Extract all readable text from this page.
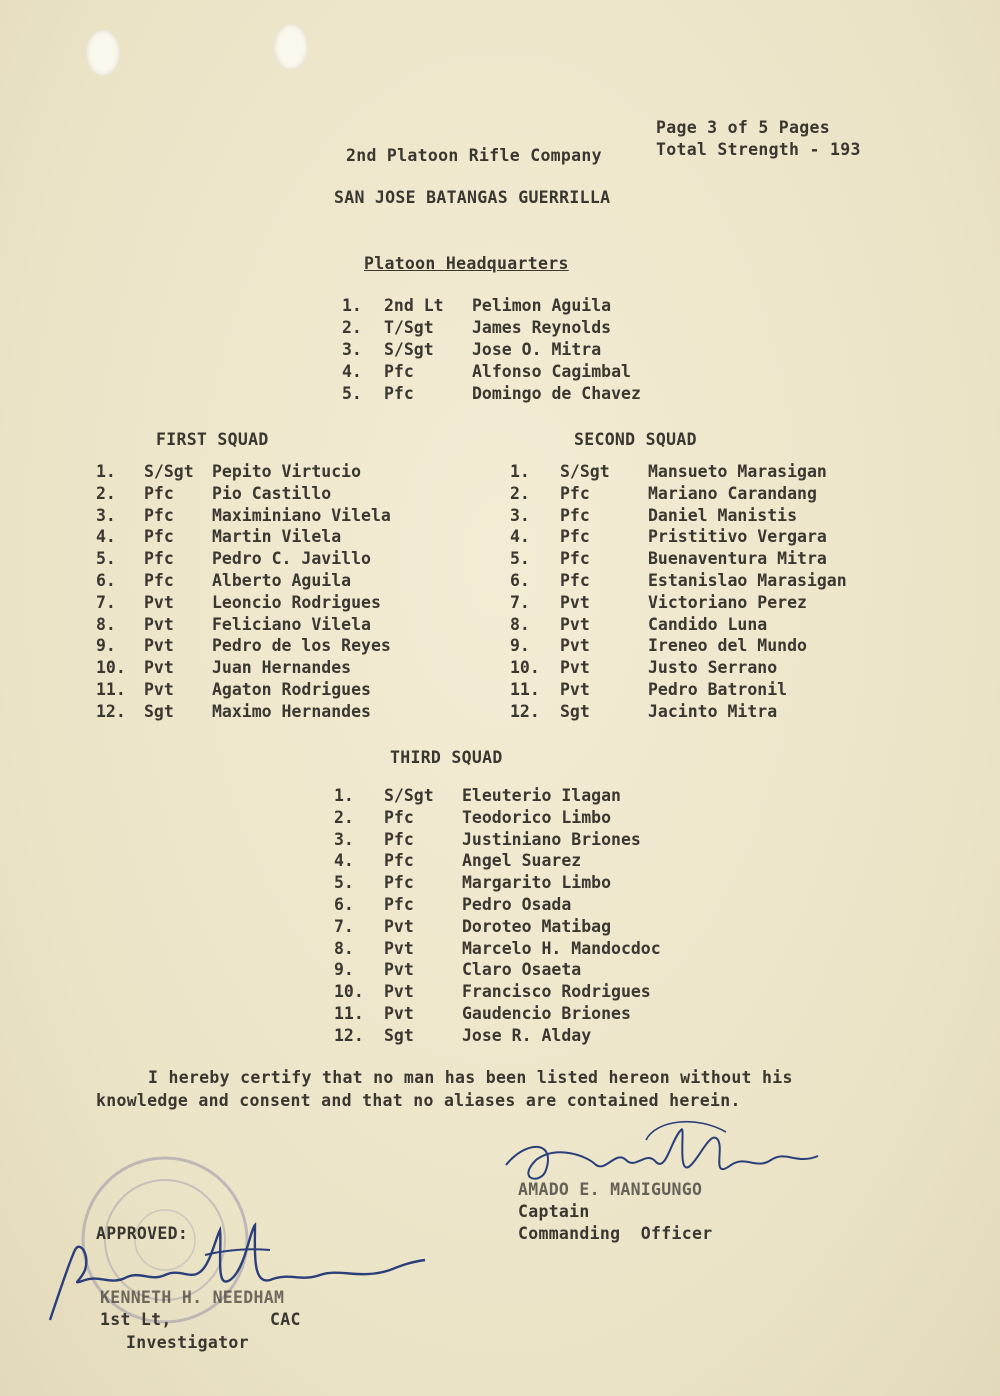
Page 3 of 5 Pages
Total Strength - 193
2nd Platoon Rifle Company
SAN JOSE BATANGAS GUERRILLA
Platoon Headquarters
1. 2nd Lt Pelimon Aguila
2. T/Sgt James Reynolds
3. S/Sgt Jose O. Mitra
4. Pfc	Alfonso Cagimbal
5. Pfc	Domingo de Chavez
FIRST SQUAD	SECOND SQUAD
1. S/Sgt Pepito Virtucio
2. Pfc Pio Castillo
3. Pfc Maximiniano Vilela
4. Pfc Martin Vilela
5. Pfc Pedro C. Javillo
6. Pfc Alberto Aguila
7. Pvt Leoncio Rodrigues
8. Pvt Feliciano Vilela
9. Pvt Pedro de los Reyes
10. Pvt Juan Hernandes
11. Pvt Agaton Rodrigues
12. Sgt Maximo Hernandes
1. S/Sgt Mansueto Marasigan
2. Pfc	Mariano Carandang
3. Pfc	Daniel Manistis
4. Pfc	Pristitivo Vergara
5. Pfc	Buenaventura Mitra
6. Pfc	Estanislao Marasigan
7. Pvt	Victoriano Perez
8. Pvt	Candido Luna
9. Pvt	Ireneo del Mundo
10. Pvt	Justo Serrano
11. Pvt	Pedro Batronil
12. Sgt	Jacinto Mitra
THIRD SQUAD
1. S/Sgt Eleuterio Ilagan
2. Pfc	Teodorico Limbo
3. Pfc	Justiniano Briones
4. Pfc	Angel Suarez
5. Pfc	Margarito Limbo
6. Pfc	Pedro Osada
7. Pvt	Doroteo Matibag
8. Pvt	Marcelo H. Mandocdoc
9. Pvt	Claro Osaeta
10. Pvt	Francisco Rodrigues
11. Pvt	Gaudencio Briones
12. Sgt	Jose R. Alday
I hereby certify that no man has been listed hereon without his
knowledge and consent and that no aliases are contained herein.
AMADO E. MANIGUNGO
Captain
Commanding  Officer
APPROVED:
KENNETH H. NEEDHAM
1st Lt,	CAC
Investigator
